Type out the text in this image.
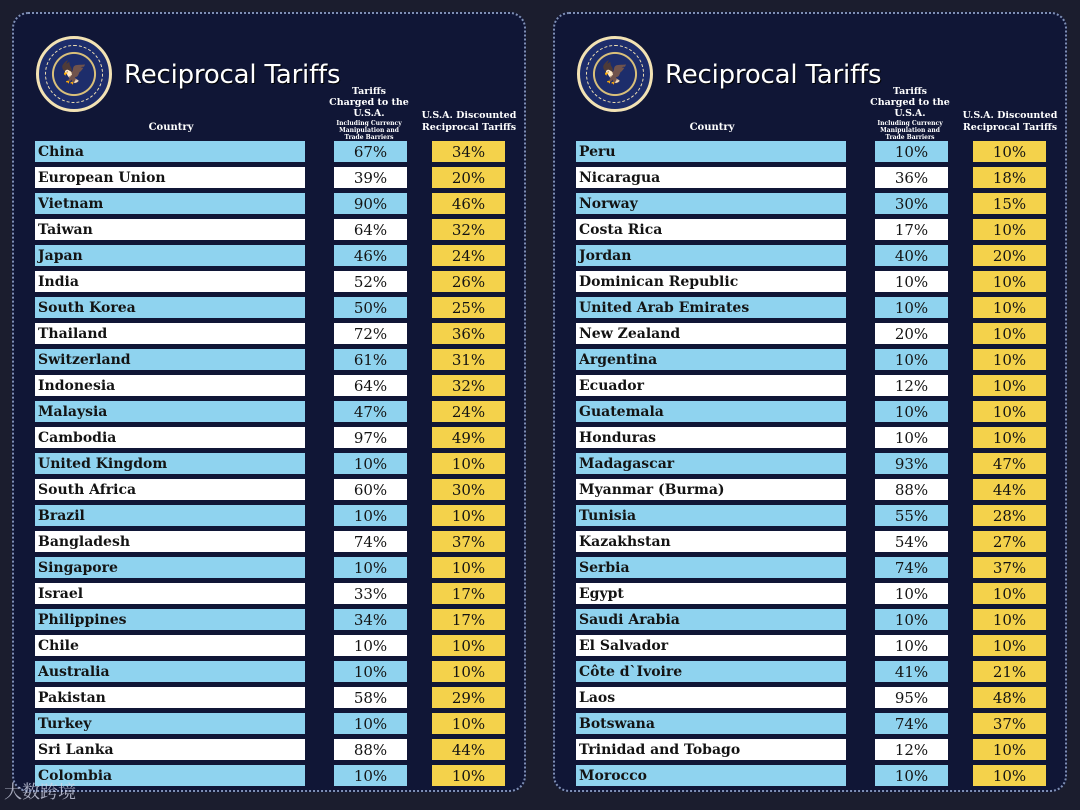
🦅 Reciprocal Tariffs
Country
Tariffs Charged to the U.S.A.
Including Currency Manipulation and Trade Barriers
U.S.A. Discounted Reciprocal Tariffs
China	67%	34%
European Union	39%	20%
Vietnam	90%	46%
Taiwan	64%	32%
Japan	46%	24%
India	52%	26%
South Korea	50%	25%
Thailand	72%	36%
Switzerland	61%	31%
Indonesia	64%	32%
Malaysia	47%	24%
Cambodia	97%	49%
United Kingdom	10%	10%
South Africa	60%	30%
Brazil	10%	10%
Bangladesh	74%	37%
Singapore	10%	10%
Israel	33%	17%
Philippines	34%	17%
Chile	10%	10%
Australia	10%	10%
Pakistan	58%	29%
Turkey	10%	10%
Sri Lanka	88%	44%
Colombia	10%	10%
🦅 Reciprocal Tariffs
Country
Tariffs Charged to the U.S.A.
Including Currency Manipulation and Trade Barriers
U.S.A. Discounted Reciprocal Tariffs
Peru	10%	10%
Nicaragua	36%	18%
Norway	30%	15%
Costa Rica	17%	10%
Jordan	40%	20%
Dominican Republic	10%	10%
United Arab Emirates	10%	10%
New Zealand	20%	10%
Argentina	10%	10%
Ecuador	12%	10%
Guatemala	10%	10%
Honduras	10%	10%
Madagascar	93%	47%
Myanmar (Burma)	88%	44%
Tunisia	55%	28%
Kazakhstan	54%	27%
Serbia	74%	37%
Egypt	10%	10%
Saudi Arabia	10%	10%
El Salvador	10%	10%
Côte d`Ivoire	41%	21%
Laos	95%	48%
Botswana	74%	37%
Trinidad and Tobago	12%	10%
Morocco	10%	10%
大数跨境
